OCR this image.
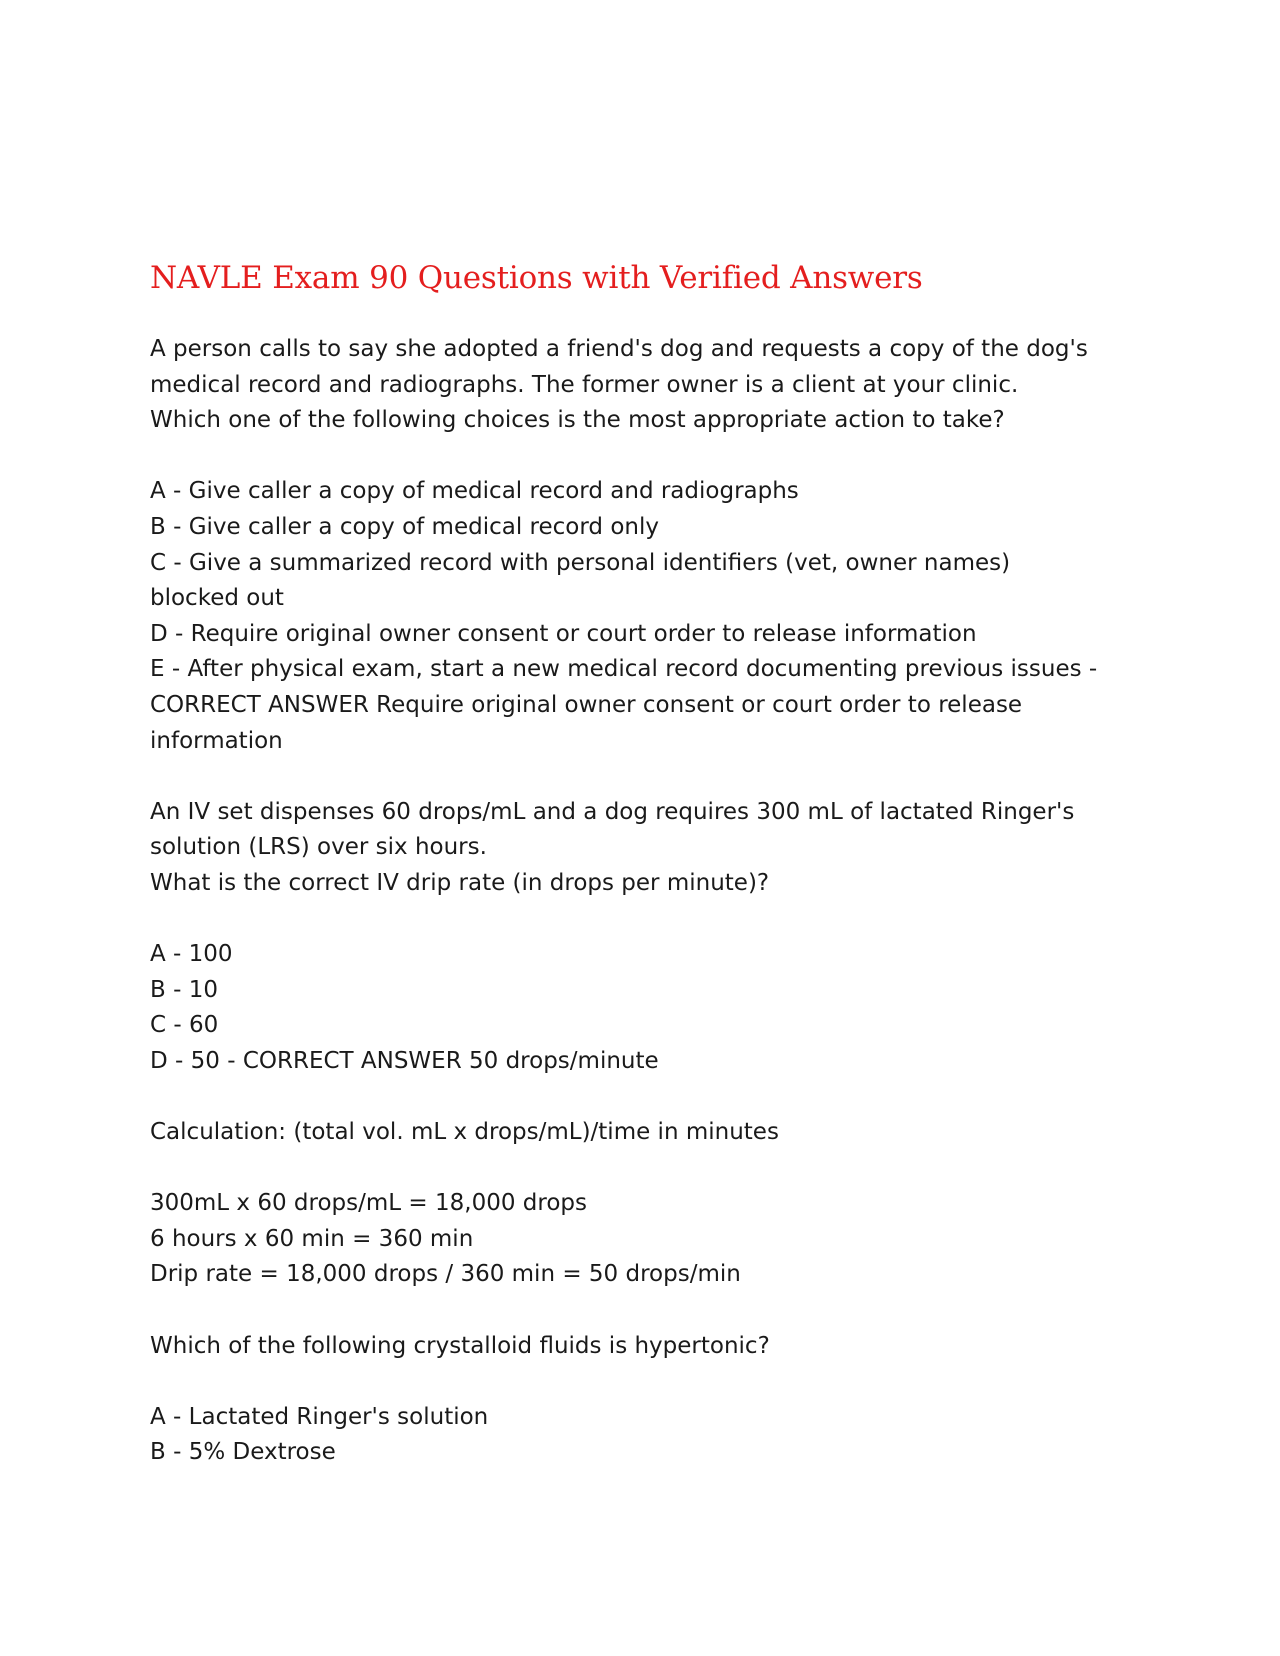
NAVLE Exam 90 Questions with Verified Answers
A person calls to say she adopted a friend's dog and requests a copy of the dog's
medical record and radiographs. The former owner is a client at your clinic.
Which one of the following choices is the most appropriate action to take?
A - Give caller a copy of medical record and radiographs
B - Give caller a copy of medical record only
C - Give a summarized record with personal identifiers (vet, owner names)
blocked out
D - Require original owner consent or court order to release information
E - After physical exam, start a new medical record documenting previous issues -
CORRECT ANSWER Require original owner consent or court order to release
information
An IV set dispenses 60 drops/mL and a dog requires 300 mL of lactated Ringer's
solution (LRS) over six hours.
What is the correct IV drip rate (in drops per minute)?
A - 100
B - 10
C - 60
D - 50 - CORRECT ANSWER 50 drops/minute
Calculation: (total vol. mL x drops/mL)/time in minutes
300mL x 60 drops/mL = 18,000 drops
6 hours x 60 min = 360 min
Drip rate = 18,000 drops / 360 min = 50 drops/min
Which of the following crystalloid fluids is hypertonic?
A - Lactated Ringer's solution
B - 5% Dextrose
